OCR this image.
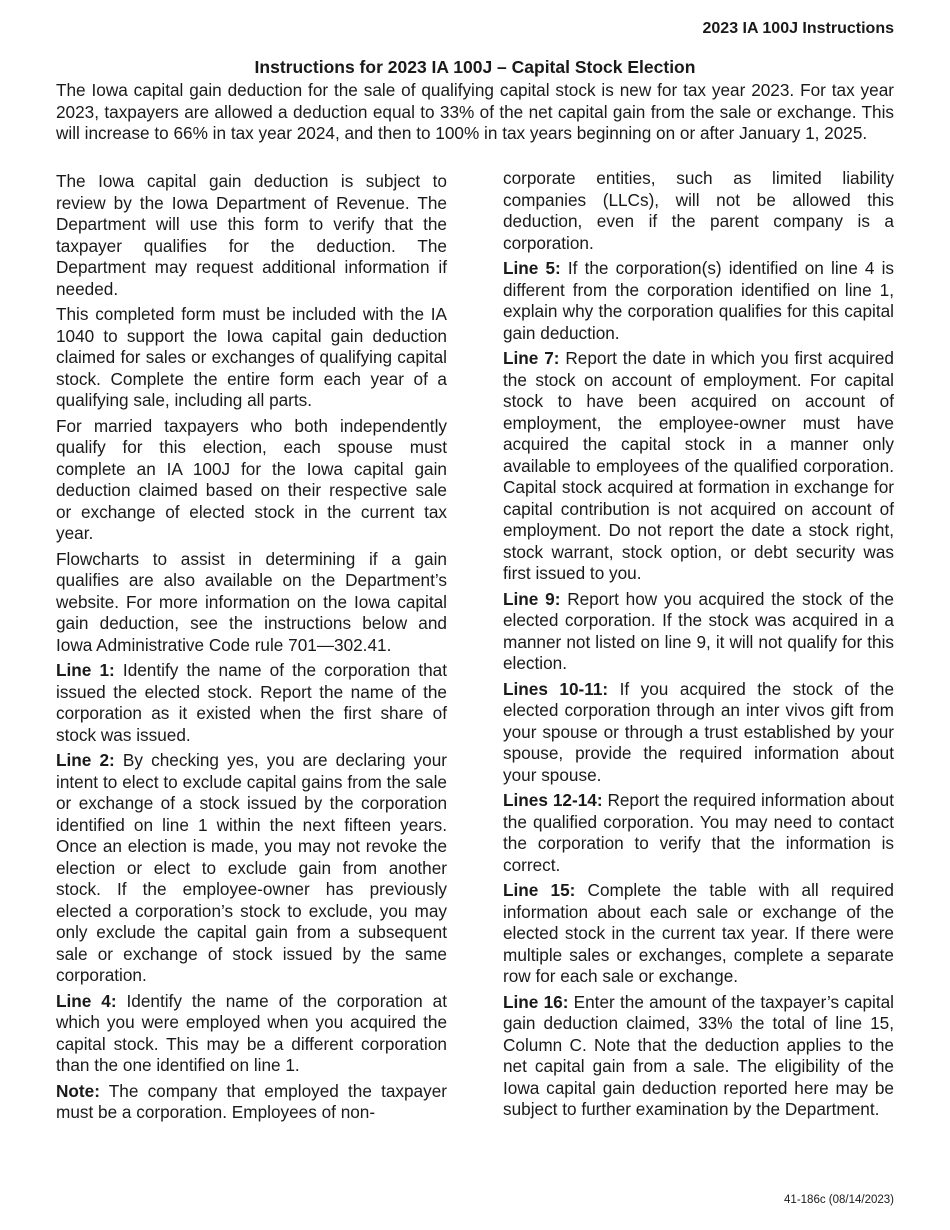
2023 IA 100J Instructions
Instructions for 2023 IA 100J – Capital Stock Election

The Iowa capital gain deduction for the sale of qualifying capital stock is new for tax year 2023. For tax year 2023, taxpayers are allowed a deduction equal to 33% of the net capital gain from the sale or exchange. This will increase to 66% in tax year 2024, and then to 100% in tax years beginning on or after January 1, 2025.

The Iowa capital gain deduction is subject to review by the Iowa Department of Revenue. The Department will use this form to verify that the taxpayer qualifies for the deduction. The Department may request additional information if needed.

This completed form must be included with the IA 1040 to support the Iowa capital gain deduction claimed for sales or exchanges of qualifying capital stock. Complete the entire form each year of a qualifying sale, including all parts.

For married taxpayers who both independently qualify for this election, each spouse must complete an IA 100J for the Iowa capital gain deduction claimed based on their respective sale or exchange of elected stock in the current tax year.

Flowcharts to assist in determining if a gain qualifies are also available on the Department’s website. For more information on the Iowa capital gain deduction, see the instructions below and Iowa Administrative Code rule 701—302.41.

Line 1: Identify the name of the corporation that issued the elected stock. Report the name of the corporation as it existed when the first share of stock was issued.

Line 2: By checking yes, you are declaring your intent to elect to exclude capital gains from the sale or exchange of a stock issued by the corporation identified on line 1 within the next fifteen years. Once an election is made, you may not revoke the election or elect to exclude gain from another stock. If the employee-owner has previously elected a corporation’s stock to exclude, you may only exclude the capital gain from a subsequent sale or exchange of stock issued by the same corporation.

Line 4: Identify the name of the corporation at which you were employed when you acquired the capital stock. This may be a different corporation than the one identified on line 1.

Note: The company that employed the taxpayer must be a corporation. Employees of non-

corporate entities, such as limited liability companies (LLCs), will not be allowed this deduction, even if the parent company is a corporation.

Line 5: If the corporation(s) identified on line 4 is different from the corporation identified on line 1, explain why the corporation qualifies for this capital gain deduction.

Line 7: Report the date in which you first acquired the stock on account of employment. For capital stock to have been acquired on account of employment, the employee-owner must have acquired the capital stock in a manner only available to employees of the qualified corporation. Capital stock acquired at formation in exchange for capital contribution is not acquired on account of employment. Do not report the date a stock right, stock warrant, stock option, or debt security was first issued to you.

Line 9: Report how you acquired the stock of the elected corporation. If the stock was acquired in a manner not listed on line 9, it will not qualify for this election.

Lines 10-11: If you acquired the stock of the elected corporation through an inter vivos gift from your spouse or through a trust established by your spouse, provide the required information about your spouse.

Lines 12-14: Report the required information about the qualified corporation. You may need to contact the corporation to verify that the information is correct.

Line 15: Complete the table with all required information about each sale or exchange of the elected stock in the current tax year. If there were multiple sales or exchanges, complete a separate row for each sale or exchange.

Line 16: Enter the amount of the taxpayer’s capital gain deduction claimed, 33% the total of line 15, Column C. Note that the deduction applies to the net capital gain from a sale. The eligibility of the Iowa capital gain deduction reported here may be subject to further examination by the Department.

41-186c (08/14/2023)
